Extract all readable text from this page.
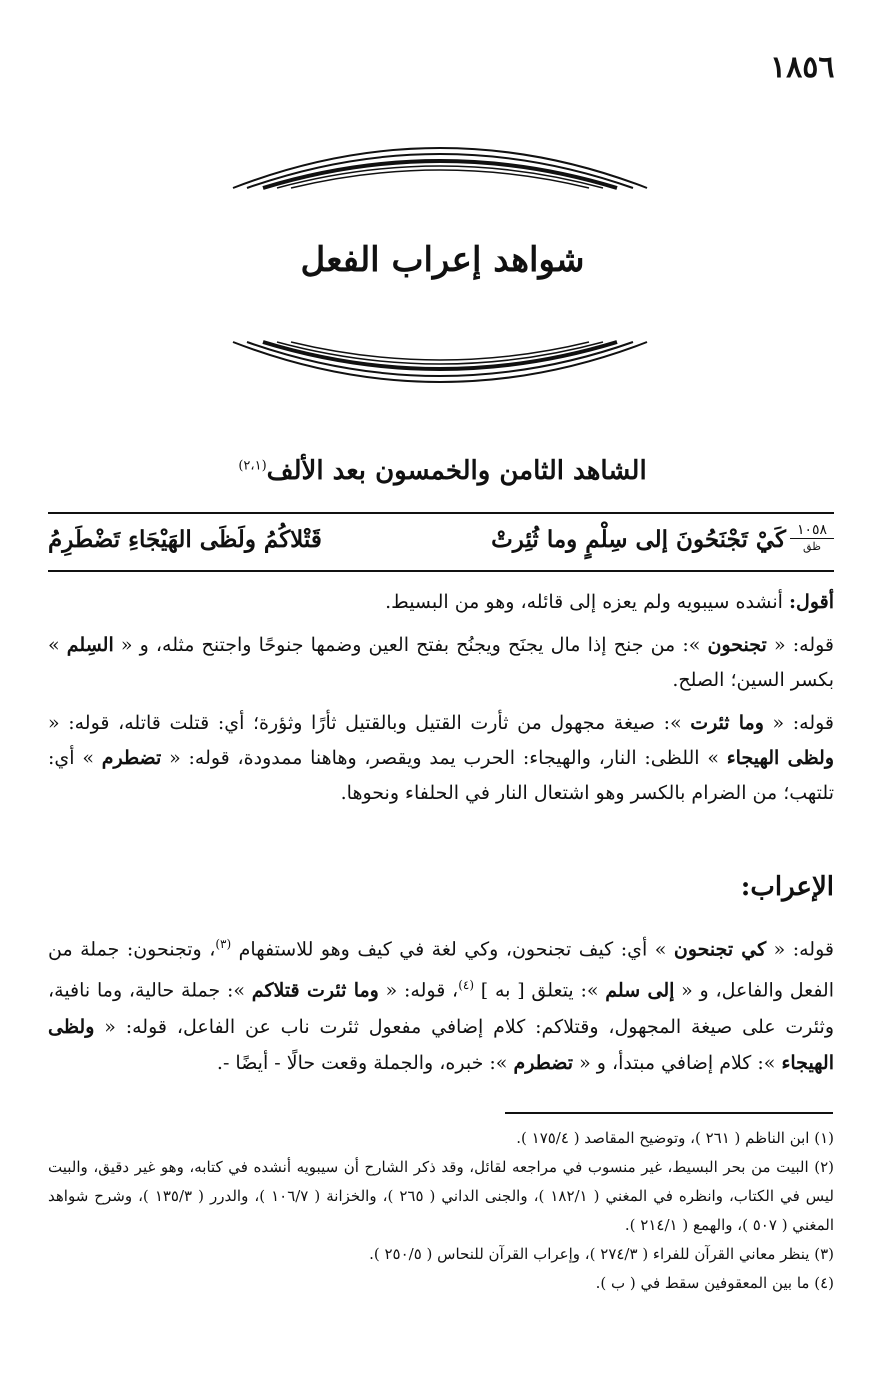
١٨٥٦
شواهد إعراب الفعل
الشاهد الثامن والخمسون بعد الألف$^{(٢،١)}$
١٠٥٨
ظق
كَيْ تَجْنَحُونَ إلى سِلْمٍ وما ثُئِرتْ
قَتْلاكُمُ ولَظَى الهَيْجَاءِ تَضْطَرِمُ

أقول: أنشده سيبويه ولم يعزه إلى قائله، وهو من البسيط.

قوله: « تجنحون »: من جنح إذا مال يجنَح ويجنُح بفتح العين وضمها جنوحًا واجتنح مثله، و « السِلم » بكسر السين؛ الصلح.

قوله: « وما ثئرت »: صيغة مجهول من ثأرت القتيل وبالقتيل ثأرًا وثؤرة؛ أي: قتلت قاتله، قوله: « ولظى الهيجاء » اللظى: النار، والهيجاء: الحرب يمد ويقصر، وهاهنا ممدودة، قوله: « تضطرم » أي: تلتهب؛ من الضرام بالكسر وهو اشتعال النار في الحلفاء ونحوها.

الإعراب:

قوله: « كي تجنحون » أي: كيف تجنحون، وكي لغة في كيف وهو للاستفهام $^{(٣)}$، وتجنحون: جملة من الفعل والفاعل، و « إلى سلم »: يتعلق [ به ] $^{(٤)}$، قوله: « وما ثئرت قتلاكم »: جملة حالية، وما نافية، وثئرت على صيغة المجهول، وقتلاكم: كلام إضافي مفعول ثئرت ناب عن الفاعل، قوله: « ولظى الهيجاء »: كلام إضافي مبتدأ، و « تضطرم »: خبره، والجملة وقعت حالًا - أيضًا -.

(١) ابن الناظم ( ٢٦١ )، وتوضيح المقاصد ( ١٧٥/٤ ).

(٢) البيت من بحر البسيط، غير منسوب في مراجعه لقائل، وقد ذكر الشارح أن سيبويه أنشده في كتابه، وهو غير دقيق، والبيت ليس في الكتاب، وانظره في المغني ( ١٨٢/١ )، والجنى الداني ( ٢٦٥ )، والخزانة ( ١٠٦/٧ )، والدرر ( ١٣٥/٣ )، وشرح شواهد المغني ( ٥٠٧ )، والهمع ( ٢١٤/١ ).

(٣) ينظر معاني القرآن للفراء ( ٢٧٤/٣ )، وإعراب القرآن للنحاس ( ٢٥٠/٥ ).

(٤) ما بين المعقوفين سقط في ( ب ).
